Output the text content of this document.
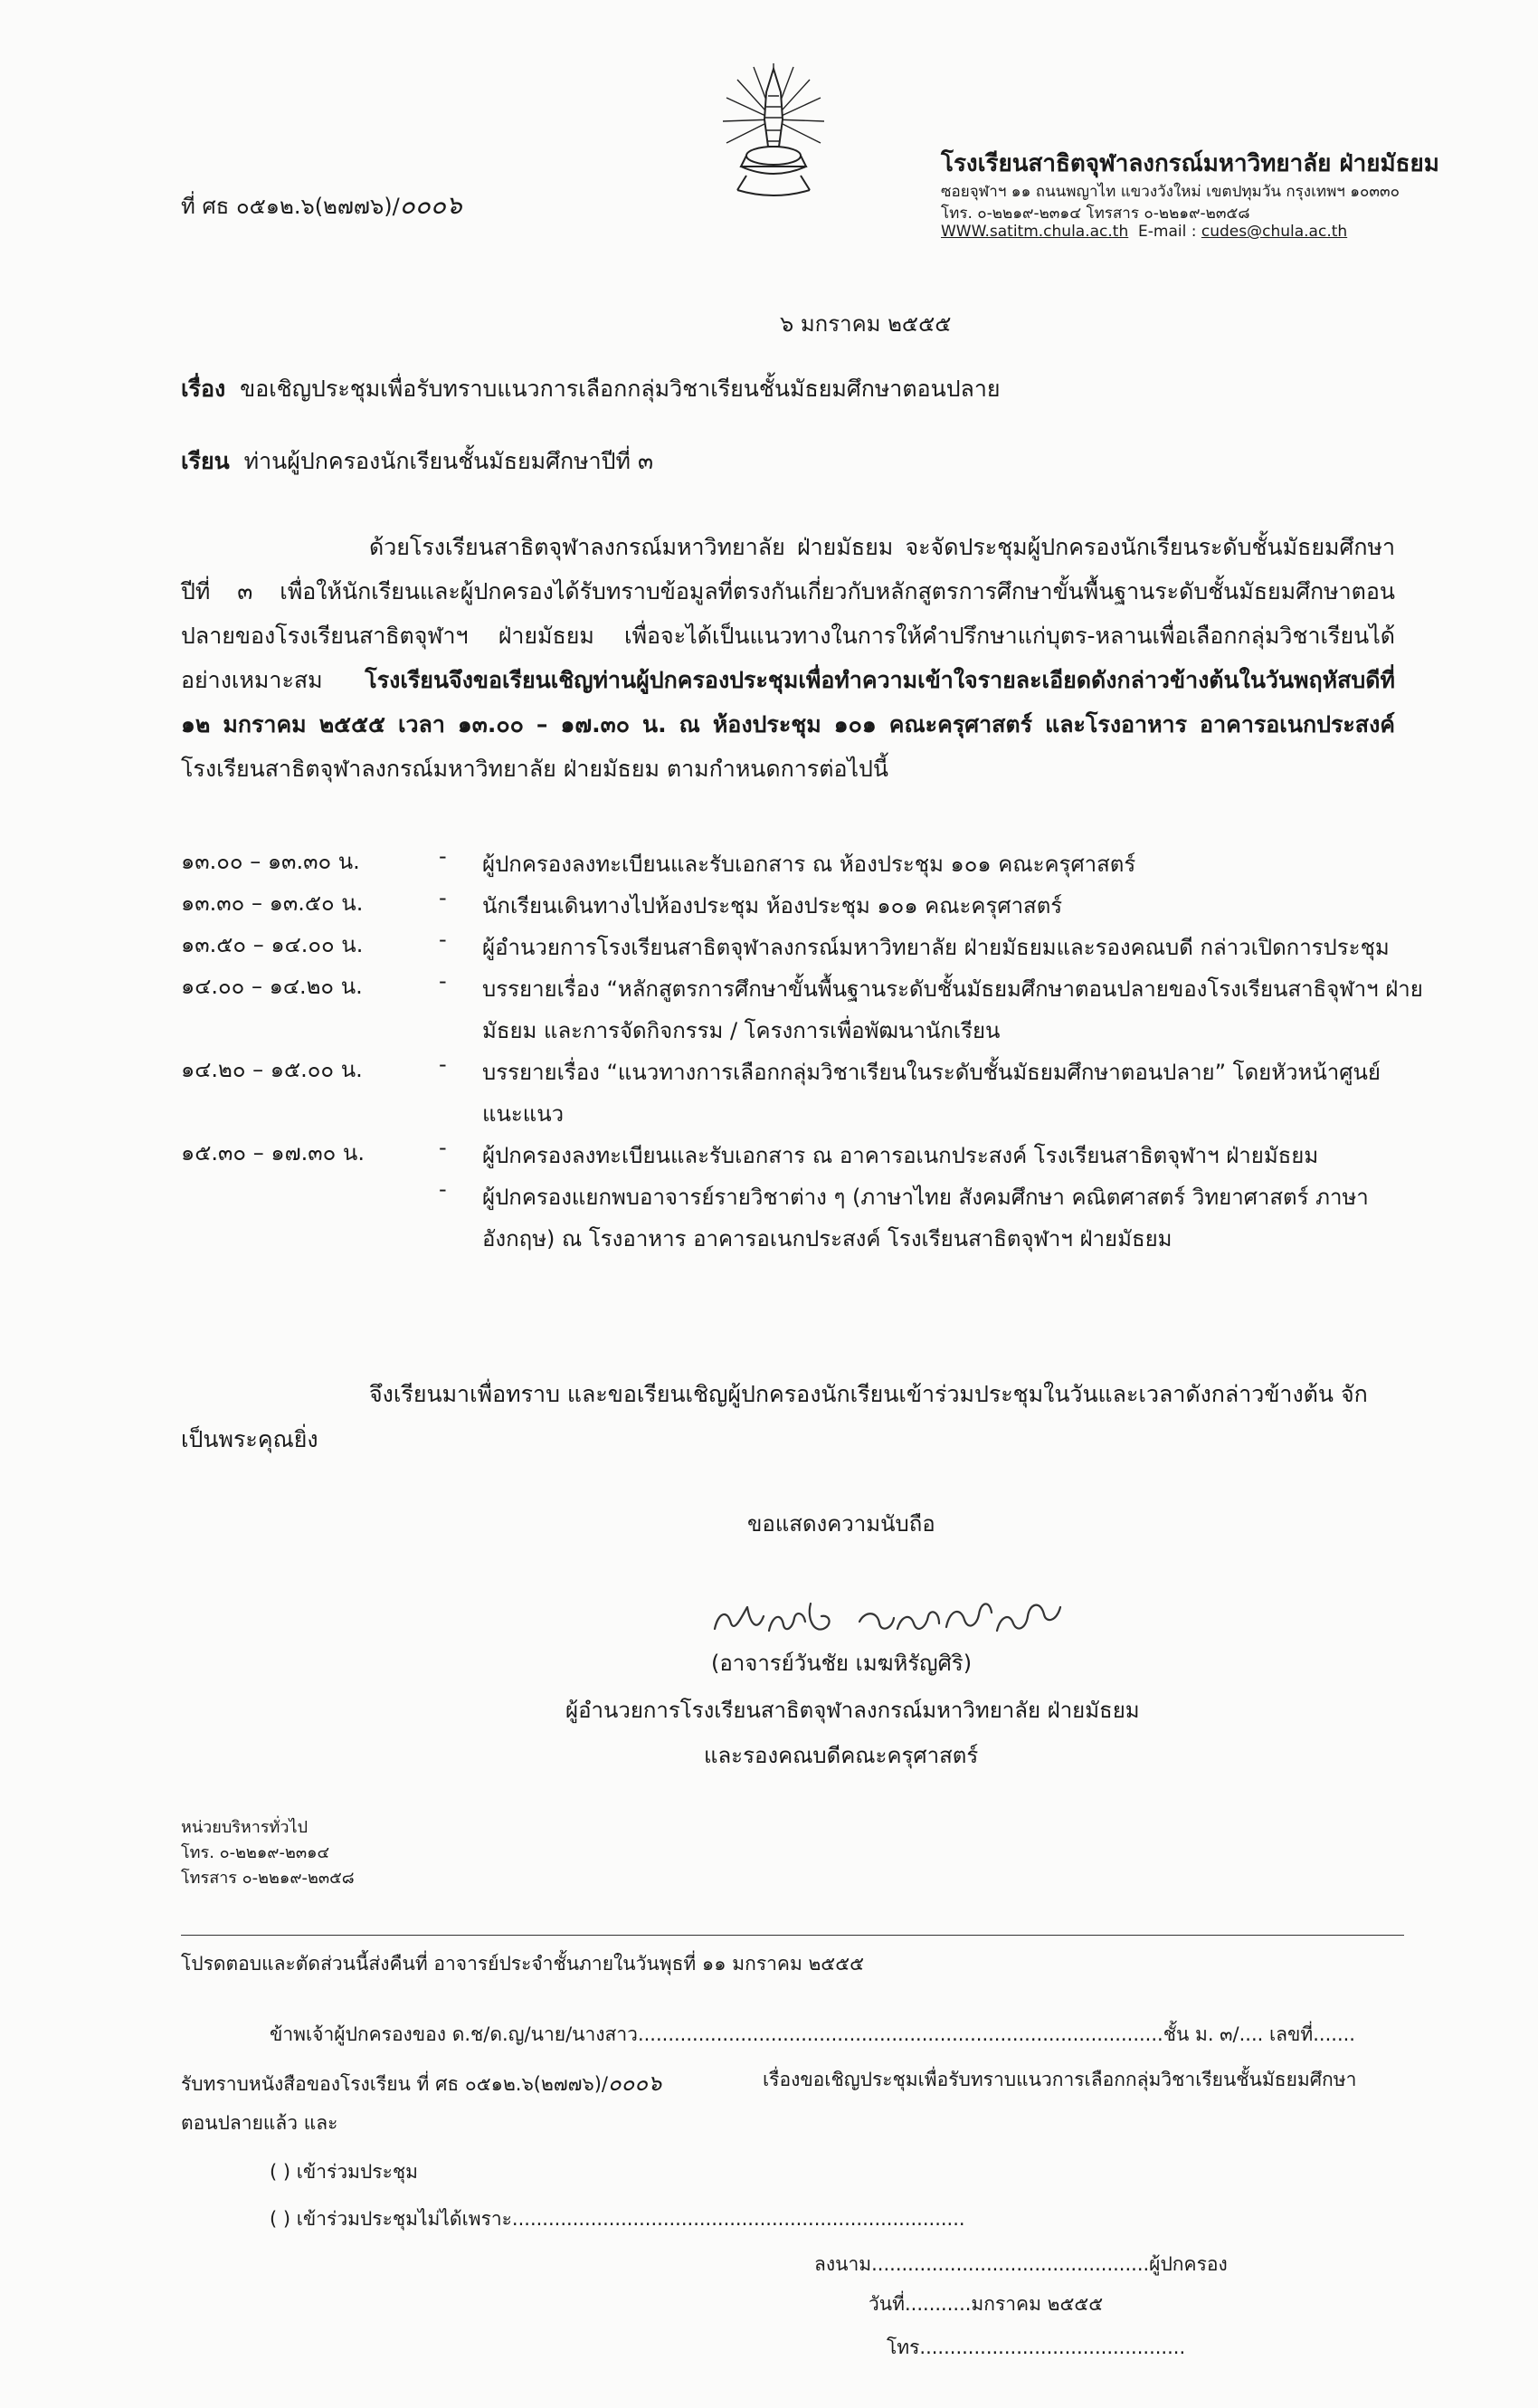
ที่ ศธ ๐๕๑๒.๖(๒๗๗๖)/๐๐๐๖
โรงเรียนสาธิตจุฬาลงกรณ์มหาวิทยาลัย ฝ่ายมัธยม
ซอยจุฬาฯ ๑๑ ถนนพญาไท แขวงวังใหม่ เขตปทุมวัน กรุงเทพฯ ๑๐๓๓๐
โทร. ๐-๒๒๑๙-๒๓๑๔ โทรสาร ๐-๒๒๑๙-๒๓๕๘
WWW.satitm.chula.ac.th E-mail : cudes@chula.ac.th
๖ มกราคม ๒๕๕๕
เรื่อง ขอเชิญประชุมเพื่อรับทราบแนวการเลือกกลุ่มวิชาเรียนชั้นมัธยมศึกษาตอนปลาย
เรียน ท่านผู้ปกครองนักเรียนชั้นมัธยมศึกษาปีที่ ๓
ด้วยโรงเรียนสาธิตจุฬาลงกรณ์มหาวิทยาลัย ฝ่ายมัธยม จะจัดประชุมผู้ปกครองนักเรียนระดับชั้นมัธยมศึกษาปีที่ ๓ เพื่อให้นักเรียนและผู้ปกครองได้รับทราบข้อมูลที่ตรงกันเกี่ยวกับหลักสูตรการศึกษาขั้นพื้นฐานระดับชั้นมัธยมศึกษาตอนปลายของโรงเรียนสาธิตจุฬาฯ ฝ่ายมัธยม เพื่อจะได้เป็นแนวทางในการให้คำปรึกษาแก่บุตร-หลานเพื่อเลือกกลุ่มวิชาเรียนได้อย่างเหมาะสม โรงเรียนจึงขอเรียนเชิญท่านผู้ปกครองประชุมเพื่อทำความเข้าใจรายละเอียดดังกล่าวข้างต้นในวันพฤหัสบดีที่ ๑๒ มกราคม ๒๕๕๕ เวลา ๑๓.๐๐ – ๑๗.๓๐ น. ณ ห้องประชุม ๑๐๑ คณะครุศาสตร์ และโรงอาหาร อาคารอเนกประสงค์ โรงเรียนสาธิตจุฬาลงกรณ์มหาวิทยาลัย ฝ่ายมัธยม ตามกำหนดการต่อไปนี้
๑๓.๐๐ – ๑๓.๓๐ น.	- ผู้ปกครองลงทะเบียนและรับเอกสาร ณ ห้องประชุม ๑๐๑ คณะครุศาสตร์
๑๓.๓๐ – ๑๓.๕๐ น.	- นักเรียนเดินทางไปห้องประชุม ห้องประชุม ๑๐๑ คณะครุศาสตร์
๑๓.๕๐ – ๑๔.๐๐ น.	- ผู้อำนวยการโรงเรียนสาธิตจุฬาลงกรณ์มหาวิทยาลัย ฝ่ายมัธยมและรองคณบดี กล่าวเปิดการประชุม
๑๔.๐๐ – ๑๔.๒๐ น.	- บรรยายเรื่อง “หลักสูตรการศึกษาขั้นพื้นฐานระดับชั้นมัธยมศึกษาตอนปลายของโรงเรียนสาธิจุฬาฯ ฝ่ายมัธยม และการจัดกิจกรรม / โครงการเพื่อพัฒนานักเรียน
๑๔.๒๐ – ๑๕.๐๐ น.	- บรรยายเรื่อง “แนวทางการเลือกกลุ่มวิชาเรียนในระดับชั้นมัธยมศึกษาตอนปลาย” โดยหัวหน้าศูนย์แนะแนว
๑๕.๓๐ – ๑๗.๓๐ น.	- ผู้ปกครองลงทะเบียนและรับเอกสาร ณ อาคารอเนกประสงค์ โรงเรียนสาธิตจุฬาฯ ฝ่ายมัธยม
- ผู้ปกครองแยกพบอาจารย์รายวิชาต่าง ๆ (ภาษาไทย สังคมศึกษา คณิตศาสตร์ วิทยาศาสตร์ ภาษาอังกฤษ) ณ โรงอาหาร อาคารอเนกประสงค์ โรงเรียนสาธิตจุฬาฯ ฝ่ายมัธยม
จึงเรียนมาเพื่อทราบ และขอเรียนเชิญผู้ปกครองนักเรียนเข้าร่วมประชุมในวันและเวลาดังกล่าวข้างต้น จักเป็นพระคุณยิ่ง
ขอแสดงความนับถือ
(อาจารย์วันชัย เมฆหิรัญศิริ)
ผู้อำนวยการโรงเรียนสาธิตจุฬาลงกรณ์มหาวิทยาลัย ฝ่ายมัธยม
และรองคณบดีคณะครุศาสตร์
หน่วยบริหารทั่วไป
โทร. ๐-๒๒๑๙-๒๓๑๔
โทรสาร ๐-๒๒๑๙-๒๓๕๘
โปรดตอบและตัดส่วนนี้ส่งคืนที่ อาจารย์ประจำชั้นภายในวันพุธที่ ๑๑ มกราคม ๒๕๕๕
ข้าพเจ้าผู้ปกครองของ ด.ช/ด.ญ/นาย/นางสาว.......................................................................................ชั้น ม. ๓/.... เลขที่.......
รับทราบหนังสือของโรงเรียน ที่ ศธ ๐๕๑๒.๖(๒๗๗๖)/๐๐๐๖	เรื่องขอเชิญประชุมเพื่อรับทราบแนวการเลือกกลุ่มวิชาเรียนชั้นมัธยมศึกษา
ตอนปลายแล้ว และ
( ) เข้าร่วมประชุม
( ) เข้าร่วมประชุมไม่ได้เพราะ...........................................................................
ลงนาม..............................................ผู้ปกครอง
วันที่...........มกราคม ๒๕๕๕
โทร............................................
